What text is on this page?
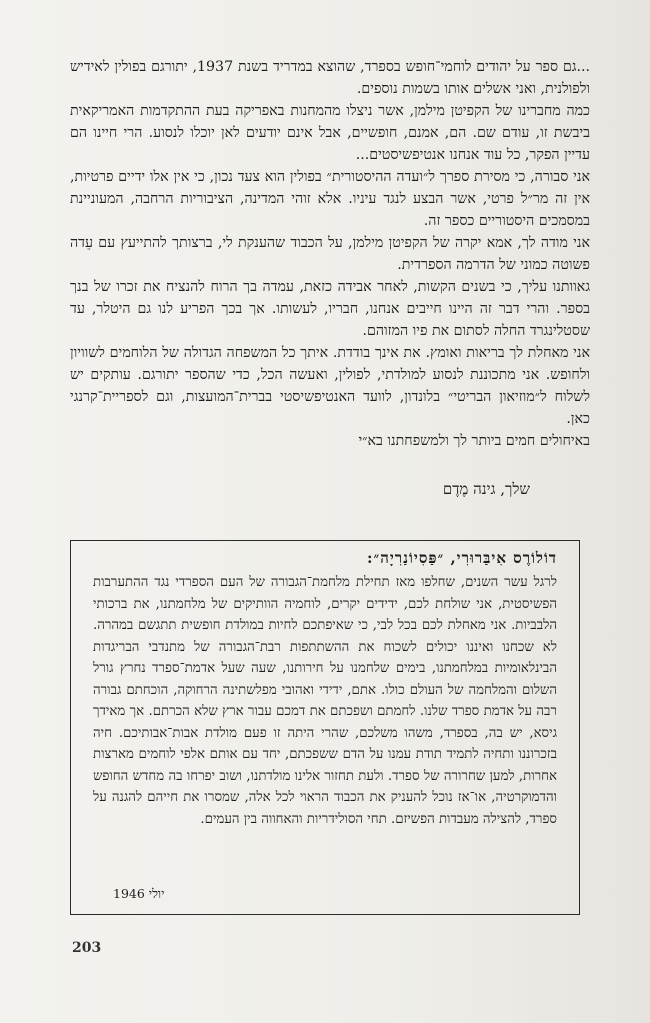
...גם ספר על יהודים לוחמי־חופש בספרד, שהוצא במדריד בשנת 1937, יתורגם בפולין לאידיש ולפולנית, ואני אשלים אותו בשמות נוספים.

כמה מחברינו של הקפיטן מילמן, אשר ניצלו מהמחנות באפריקה בעת ההתקדמות האמריקאית ביבשת זו, עודם שם. הם, אמנם, חופשיים, אבל אינם יודעים לאן יוכלו לנסוע. הרי חיינו הם עדיין הפקר, כל עוד אנחנו אנטיפשיסטים...

אני סבורה, כי מסירת ספרך ל״ועדה ההיסטורית״ בפולין הוא צעד נכון, כי אין אלו ידיים פרטיות, אין זה מר״ל פרטי, אשר הבצע לנגד עיניו. אלא זוהי המדינה, הציבוריות הרחבה, המעוניינת במסמכים היסטוריים כספר זה.

אני מודה לך, אמא יקרה של הקפיטן מילמן, על הכבוד שהענקת לי, ברצותך להתייעץ עם עֵדה פשוטה כמוני של הדרמה הספרדית.

גאוותנו עליך, כי בשנים הקשות, לאחר אבידה כזאת, עמדה בך הרוח להנציח את זכרו של בנך בספר. והרי דבר זה היינו חייבים אנחנו, חבריו, לעשותו. אך בכך הפריע לנו גם היטלר, עד שסטלינגרד החלה לסתום את פיו המזוהם.

אני מאחלת לך בריאות ואומץ. את אינך בודדת. איתך כל המשפחה הגדולה של הלוחמים לשוויון ולחופש. אני מתכוננת לנסוע למולדתי, לפולין, ואעשה הכל, כדי שהספר יתורגם. עותקים יש לשלוח ל״מוזיאון הבריטי״ בלונדון, לוועד האנטיפשיסטי בברית־המועצות, וגם לספריית־קרנגי כאן.

באיחולים חמים ביותר לך ולמשפחתנו בא״י

שלך, גינה מֶדֶם
דוֹלוֹרֶס אִיבַּרוּרִי, ״פַּסִיוֹנַרִיָה״:
לרגל עשר השנים, שחלפו מאז תחילת מלחמת־הגבורה של העם הספרדי נגד ההתערבות הפשיסטית, אני שולחת לכם, ידידים יקרים, לוחמיה הוותיקים של מלחמתנו, את ברכותי הלבביות. אני מאחלת לכם בכל לבי, כי שאיפתכם לחיות במולדת חופשית תתגשם במהרה. לא שכחנו ואיננו יכולים לשכוח את ההשתתפות רבת־הגבורה של מתנדבי הבריגדות הבינלאומיות במלחמתנו, בימים שלחמנו על חירותנו, שעה שעל אדמת־ספרד נחרץ גורל השלום והמלחמה של העולם כולו. אתם, ידידי ואהובי מפלשתינה הרחוקה, הוכחתם גבורה רבה על אדמת ספרד שלנו. לחמתם ושפכתם את דמכם עבור ארץ שלא הכרתם. אך מאידך גיסא, יש בה, בספרד, משהו משלכם, שהרי היתה זו פעם מולדת אבות־אבותיכם. חיה בזכרוננו ותחיה לתמיד תודת עמנו על הדם ששפכתם, יחד עם אותם אלפי לוחמים מארצות אחרות, למען שחרורה של ספרד. ולעת תחזור אלינו מולדתנו, ושוב יפרחו בה מחדש החופש והדמוקרטיה, או־אז נוכל להעניק את הכבוד הראוי לכל אלה, שמסרו את חייהם להגנה על ספרד, להצילה מעבדות הפשיזם. תחי הסולידריות והאחווה בין העמים.
יולי 1946
203
